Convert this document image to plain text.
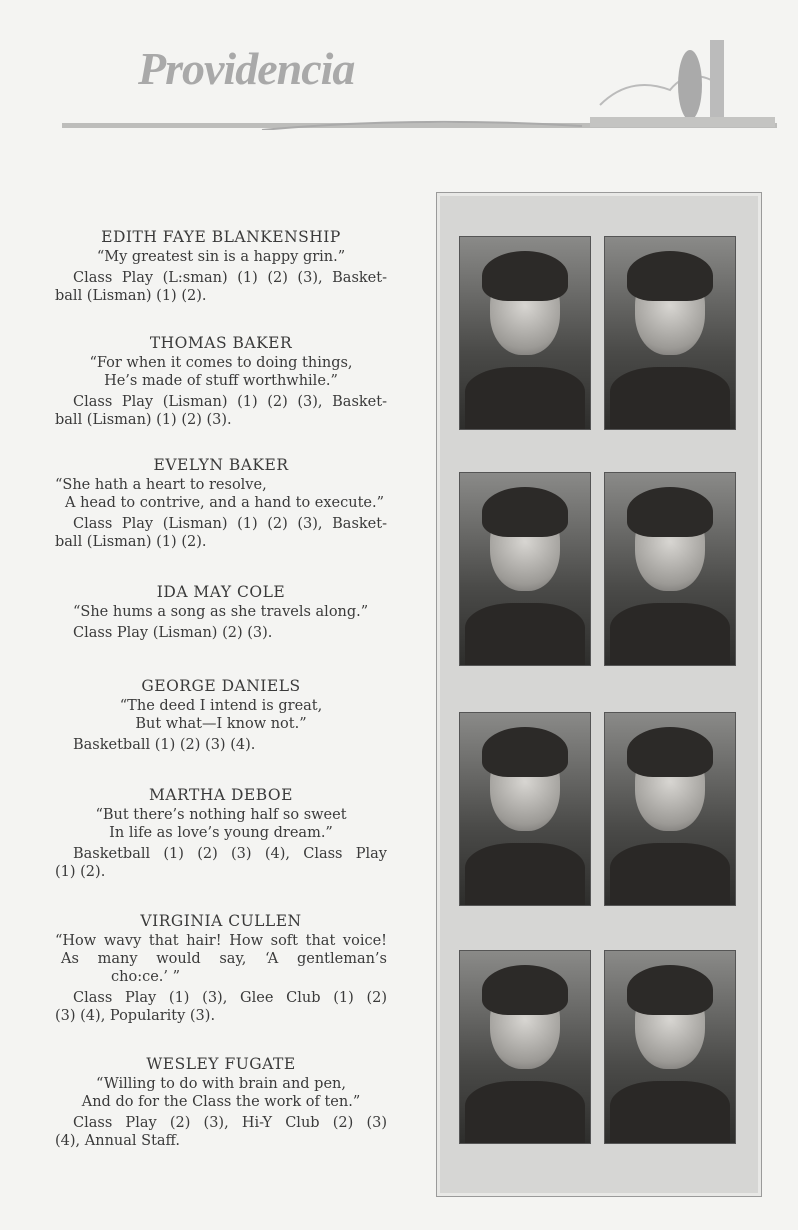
Providencia
EDITH FAYE BLANKENSHIP
“My greatest sin is a happy grin.”
Class Play (L:sman) (1) (2) (3), Basket-
ball (Lisman) (1) (2).
THOMAS BAKER
“For when it comes to doing things,
He’s made of stuff worthwhile.”
Class Play (Lisman) (1) (2) (3), Basket-
ball (Lisman) (1) (2) (3).
EVELYN BAKER
“She hath a heart to resolve,
A head to contrive, and a hand to execute.”
Class Play (Lisman) (1) (2) (3), Basket-
ball (Lisman) (1) (2).
IDA MAY COLE
“She hums a song as she travels along.”
Class Play (Lisman) (2) (3).
GEORGE DANIELS
“The deed I intend is great,
But what—I know not.”
Basketball (1) (2) (3) (4).
MARTHA DEBOE
“But there’s nothing half so sweet
In life as love’s young dream.”
Basketball (1) (2) (3) (4), Class Play
(1) (2).
VIRGINIA CULLEN
“How wavy that hair! How soft that voice!
As many would say, ‘A gentleman’s
cho:ce.’ ”
Class Play (1) (3), Glee Club (1) (2)
(3) (4), Popularity (3).
WESLEY FUGATE
“Willing to do with brain and pen,
And do for the Class the work of ten.”
Class Play (2) (3), Hi-Y Club (2) (3)
(4), Annual Staff.
